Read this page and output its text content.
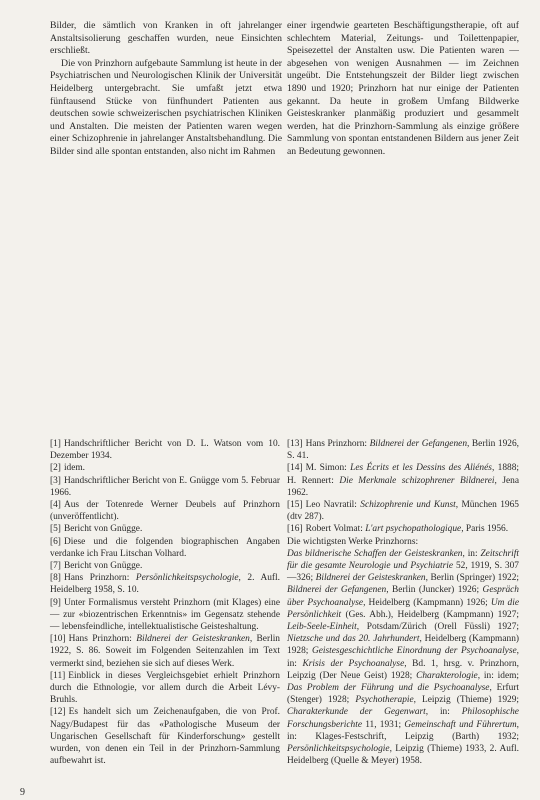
Bilder, die sämtlich von Kranken in oft jahrelanger Anstaltsisolierung geschaffen wurden, neue Einsichten erschließt.

Die von Prinzhorn aufgebaute Sammlung ist heute in der Psychiatrischen und Neurologischen Klinik der Universität Heidelberg untergebracht. Sie umfaßt jetzt etwa fünftausend Stücke von fünfhundert Patienten aus deutschen sowie schweizerischen psychiatrischen Kliniken und Anstalten. Die meisten der Patienten waren wegen einer Schizophrenie in jahrelanger Anstaltsbehandlung. Die Bilder sind alle spontan entstanden, also nicht im Rahmen

einer irgendwie gearteten Beschäftigungstherapie, oft auf schlechtem Material, Zeitungs- und Toilettenpapier, Speisezettel der Anstalten usw. Die Patienten waren — abgesehen von wenigen Ausnahmen — im Zeichnen ungeübt. Die Entstehungszeit der Bilder liegt zwischen 1890 und 1920; Prinzhorn hat nur einige der Patienten gekannt. Da heute in großem Umfang Bildwerke Geisteskranker planmäßig produziert und gesammelt werden, hat die Prinzhorn-Sammlung als einzige größere Sammlung von spontan entstandenen Bildern aus jener Zeit an Bedeutung gewonnen.

[1] Handschriftlicher Bericht von D. L. Watson vom 10. Dezember 1934.

[2] idem.

[3] Handschriftlicher Bericht von E. Gnügge vom 5. Februar 1966.

[4] Aus der Totenrede Werner Deubels auf Prinzhorn (unveröffentlicht).

[5] Bericht von Gnügge.

[6] Diese und die folgenden biographischen Angaben verdanke ich Frau Litschan Volhard.

[7] Bericht von Gnügge.

[8] Hans Prinzhorn: Persönlichkeitspsychologie, 2. Aufl. Heidelberg 1958, S. 10.

[9] Unter Formalismus versteht Prinzhorn (mit Klages) eine — zur «biozentrischen Erkenntnis» im Gegensatz stehende — lebensfeindliche, intellektualistische Geisteshaltung.

[10] Hans Prinzhorn: Bildnerei der Geisteskranken, Berlin 1922, S. 86. Soweit im Folgenden Seitenzahlen im Text vermerkt sind, beziehen sie sich auf dieses Werk.

[11] Einblick in dieses Vergleichsgebiet erhielt Prinzhorn durch die Ethnologie, vor allem durch die Arbeit Lévy-Bruhls.

[12] Es handelt sich um Zeichenaufgaben, die von Prof. Nagy/Budapest für das «Pathologische Museum der Ungarischen Gesellschaft für Kinderforschung» gestellt wurden, von denen ein Teil in der Prinzhorn-Sammlung aufbewahrt ist.

[13] Hans Prinzhorn: Bildnerei der Gefangenen, Berlin 1926, S. 41.

[14] M. Simon: Les Écrits et les Dessins des Aliénés, 1888; H. Rennert: Die Merkmale schizophrener Bildnerei, Jena 1962.

[15] Leo Navratil: Schizophrenie und Kunst, München 1965 (dtv 287).

[16] Robert Volmat: L'art psychopathologique, Paris 1956.

Die wichtigsten Werke Prinzhorns:

Das bildnerische Schaffen der Geisteskranken, in: Zeitschrift für die gesamte Neurologie und Psychiatrie 52, 1919, S. 307—326; Bildnerei der Geisteskranken, Berlin (Springer) 1922; Bildnerei der Gefangenen, Berlin (Juncker) 1926; Gespräch über Psychoanalyse, Heidelberg (Kampmann) 1926; Um die Persönlichkeit (Ges. Abh.), Heidelberg (Kampmann) 1927; Leib-Seele-Einheit, Potsdam/Zürich (Orell Füssli) 1927; Nietzsche und das 20. Jahrhundert, Heidelberg (Kampmann) 1928; Geistesgeschichtliche Einordnung der Psychoanalyse, in: Krisis der Psychoanalyse, Bd. 1, hrsg. v. Prinzhorn, Leipzig (Der Neue Geist) 1928; Charakterologie, in: idem; Das Problem der Führung und die Psychoanalyse, Erfurt (Stenger) 1928; Psychotherapie, Leipzig (Thieme) 1929; Charakterkunde der Gegenwart, in: Philosophische Forschungsberichte 11, 1931; Gemeinschaft und Führertum, in: Klages-Festschrift, Leipzig (Barth) 1932; Persönlichkeitspsychologie, Leipzig (Thieme) 1933, 2. Aufl. Heidelberg (Quelle & Meyer) 1958.

9
